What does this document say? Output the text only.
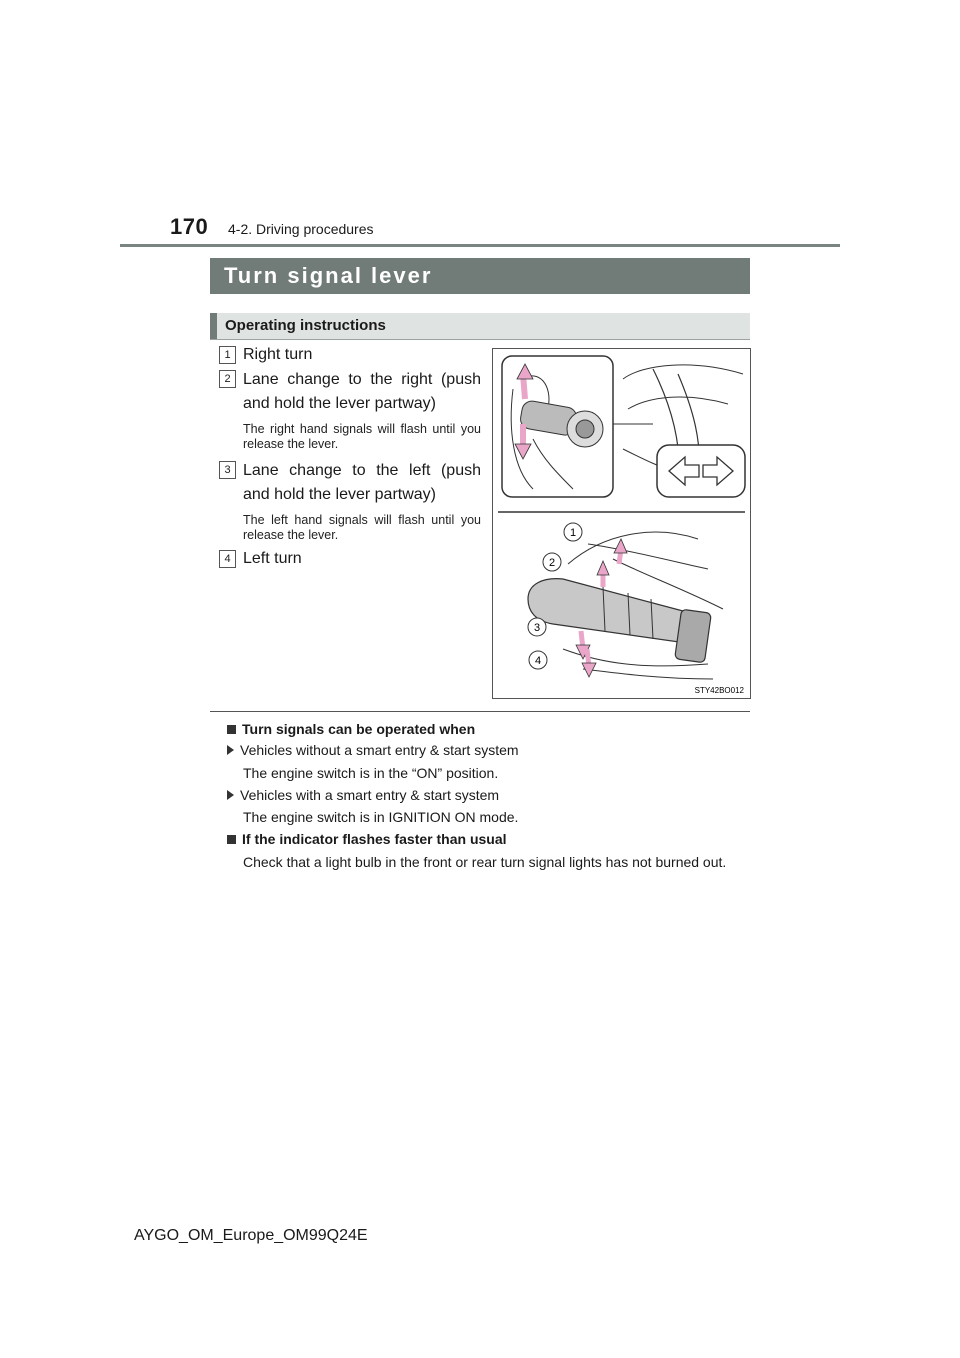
170 4-2. Driving procedures
Turn signal lever
Operating instructions
1 Right turn
2 Lane change to the right (push and hold the lever partway)
The right hand signals will flash until you release the lever.
3 Lane change to the left (push and hold the lever partway)
The left hand signals will flash until you release the lever.
4 Left turn
1
2
3
4
STY42BO012
Turn signals can be operated when
Vehicles without a smart entry & start system
The engine switch is in the “ON” position.
Vehicles with a smart entry & start system
The engine switch is in IGNITION ON mode.
If the indicator flashes faster than usual
Check that a light bulb in the front or rear turn signal lights has not burned out.
AYGO_OM_Europe_OM99Q24E
